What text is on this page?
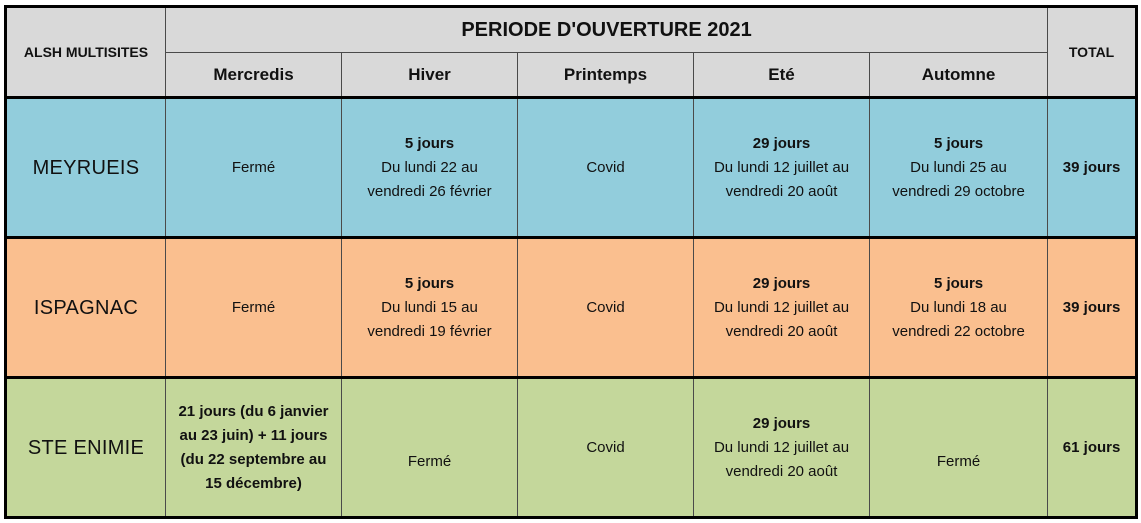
ALSH MULTISITES	PERIODE D'OUVERTURE 2021					TOTAL
	Mercredis	Hiver	Printemps	Eté	Automne	
MEYRUEIS	Fermé	5 jours
Du lundi 22 au
vendredi 26 février	Covid	29 jours
Du lundi 12 juillet au
vendredi 20 août	5 jours
Du lundi 25 au
vendredi 29 octobre	39 jours
ISPAGNAC	Fermé	5 jours
Du lundi 15 au
vendredi 19 février	Covid	29 jours
Du lundi 12 juillet au
vendredi 20 août	5 jours
Du lundi 18 au
vendredi 22 octobre	39 jours
STE ENIMIE	21 jours (du 6 janvier
au 23 juin) + 11 jours
(du 22 septembre au
15 décembre)	Fermé	Covid	29 jours
Du lundi 12 juillet au
vendredi 20 août	Fermé	61 jours
